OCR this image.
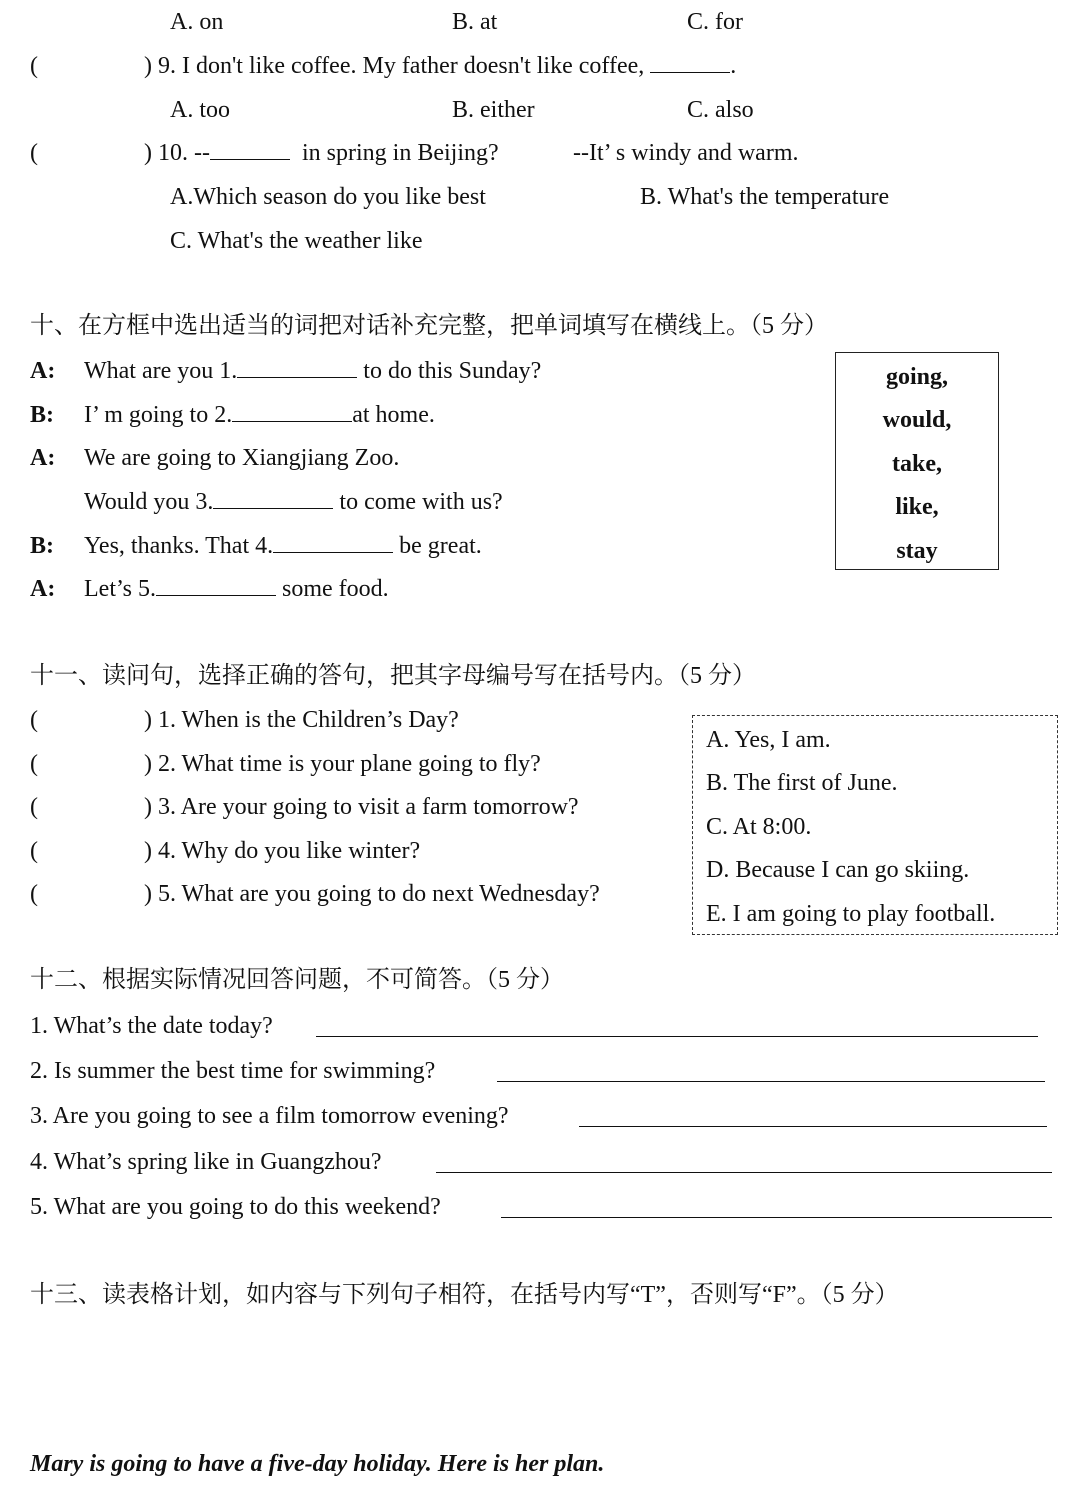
A. on	B. at	C. for
(	) 9. I don't like coffee. My father doesn't like coffee,	.
A. too	B. either	C. also
(	) 10. --	in spring in Beijing?	--It’ s windy and warm.
A.Which season do you like best	B. What's the temperature
C. What's the weather like
十、在方框中选出适当的词把对话补充完整，把单词填写在横线上。（5 分）
A: What are you 1.	to do this Sunday?
B: I’ m going to 2.	at home.
A: We are going to Xiangjiang Zoo.
Would you 3.	to come with us?
B: Yes, thanks. That 4.	be great.
A: Let’s 5.	some food.
going,
would,
take,
like,
stay
十一、读问句，选择正确的答句，把其字母编号写在括号内。（5 分）
(	) 1. When is the Children’s Day?
(	) 2. What time is your plane going to fly?
(	) 3. Are your going to visit a farm tomorrow?
(	) 4. Why do you like winter?
(	) 5. What are you going to do next Wednesday?
A. Yes, I am.
B. The first of June.
C. At 8:00.
D. Because I can go skiing.
E. I am going to play football.
十二、根据实际情况回答问题，不可简答。（5 分）
1. What’s the date today?
2. Is summer the best time for swimming?
3. Are you going to see a film tomorrow evening?
4. What’s spring like in Guangzhou?
5. What are you going to do this weekend?
十三、读表格计划，如内容与下列句子相符，在括号内写“T”，否则写“F”。（5 分）
Mary is going to have a five-day holiday. Here is her plan.
